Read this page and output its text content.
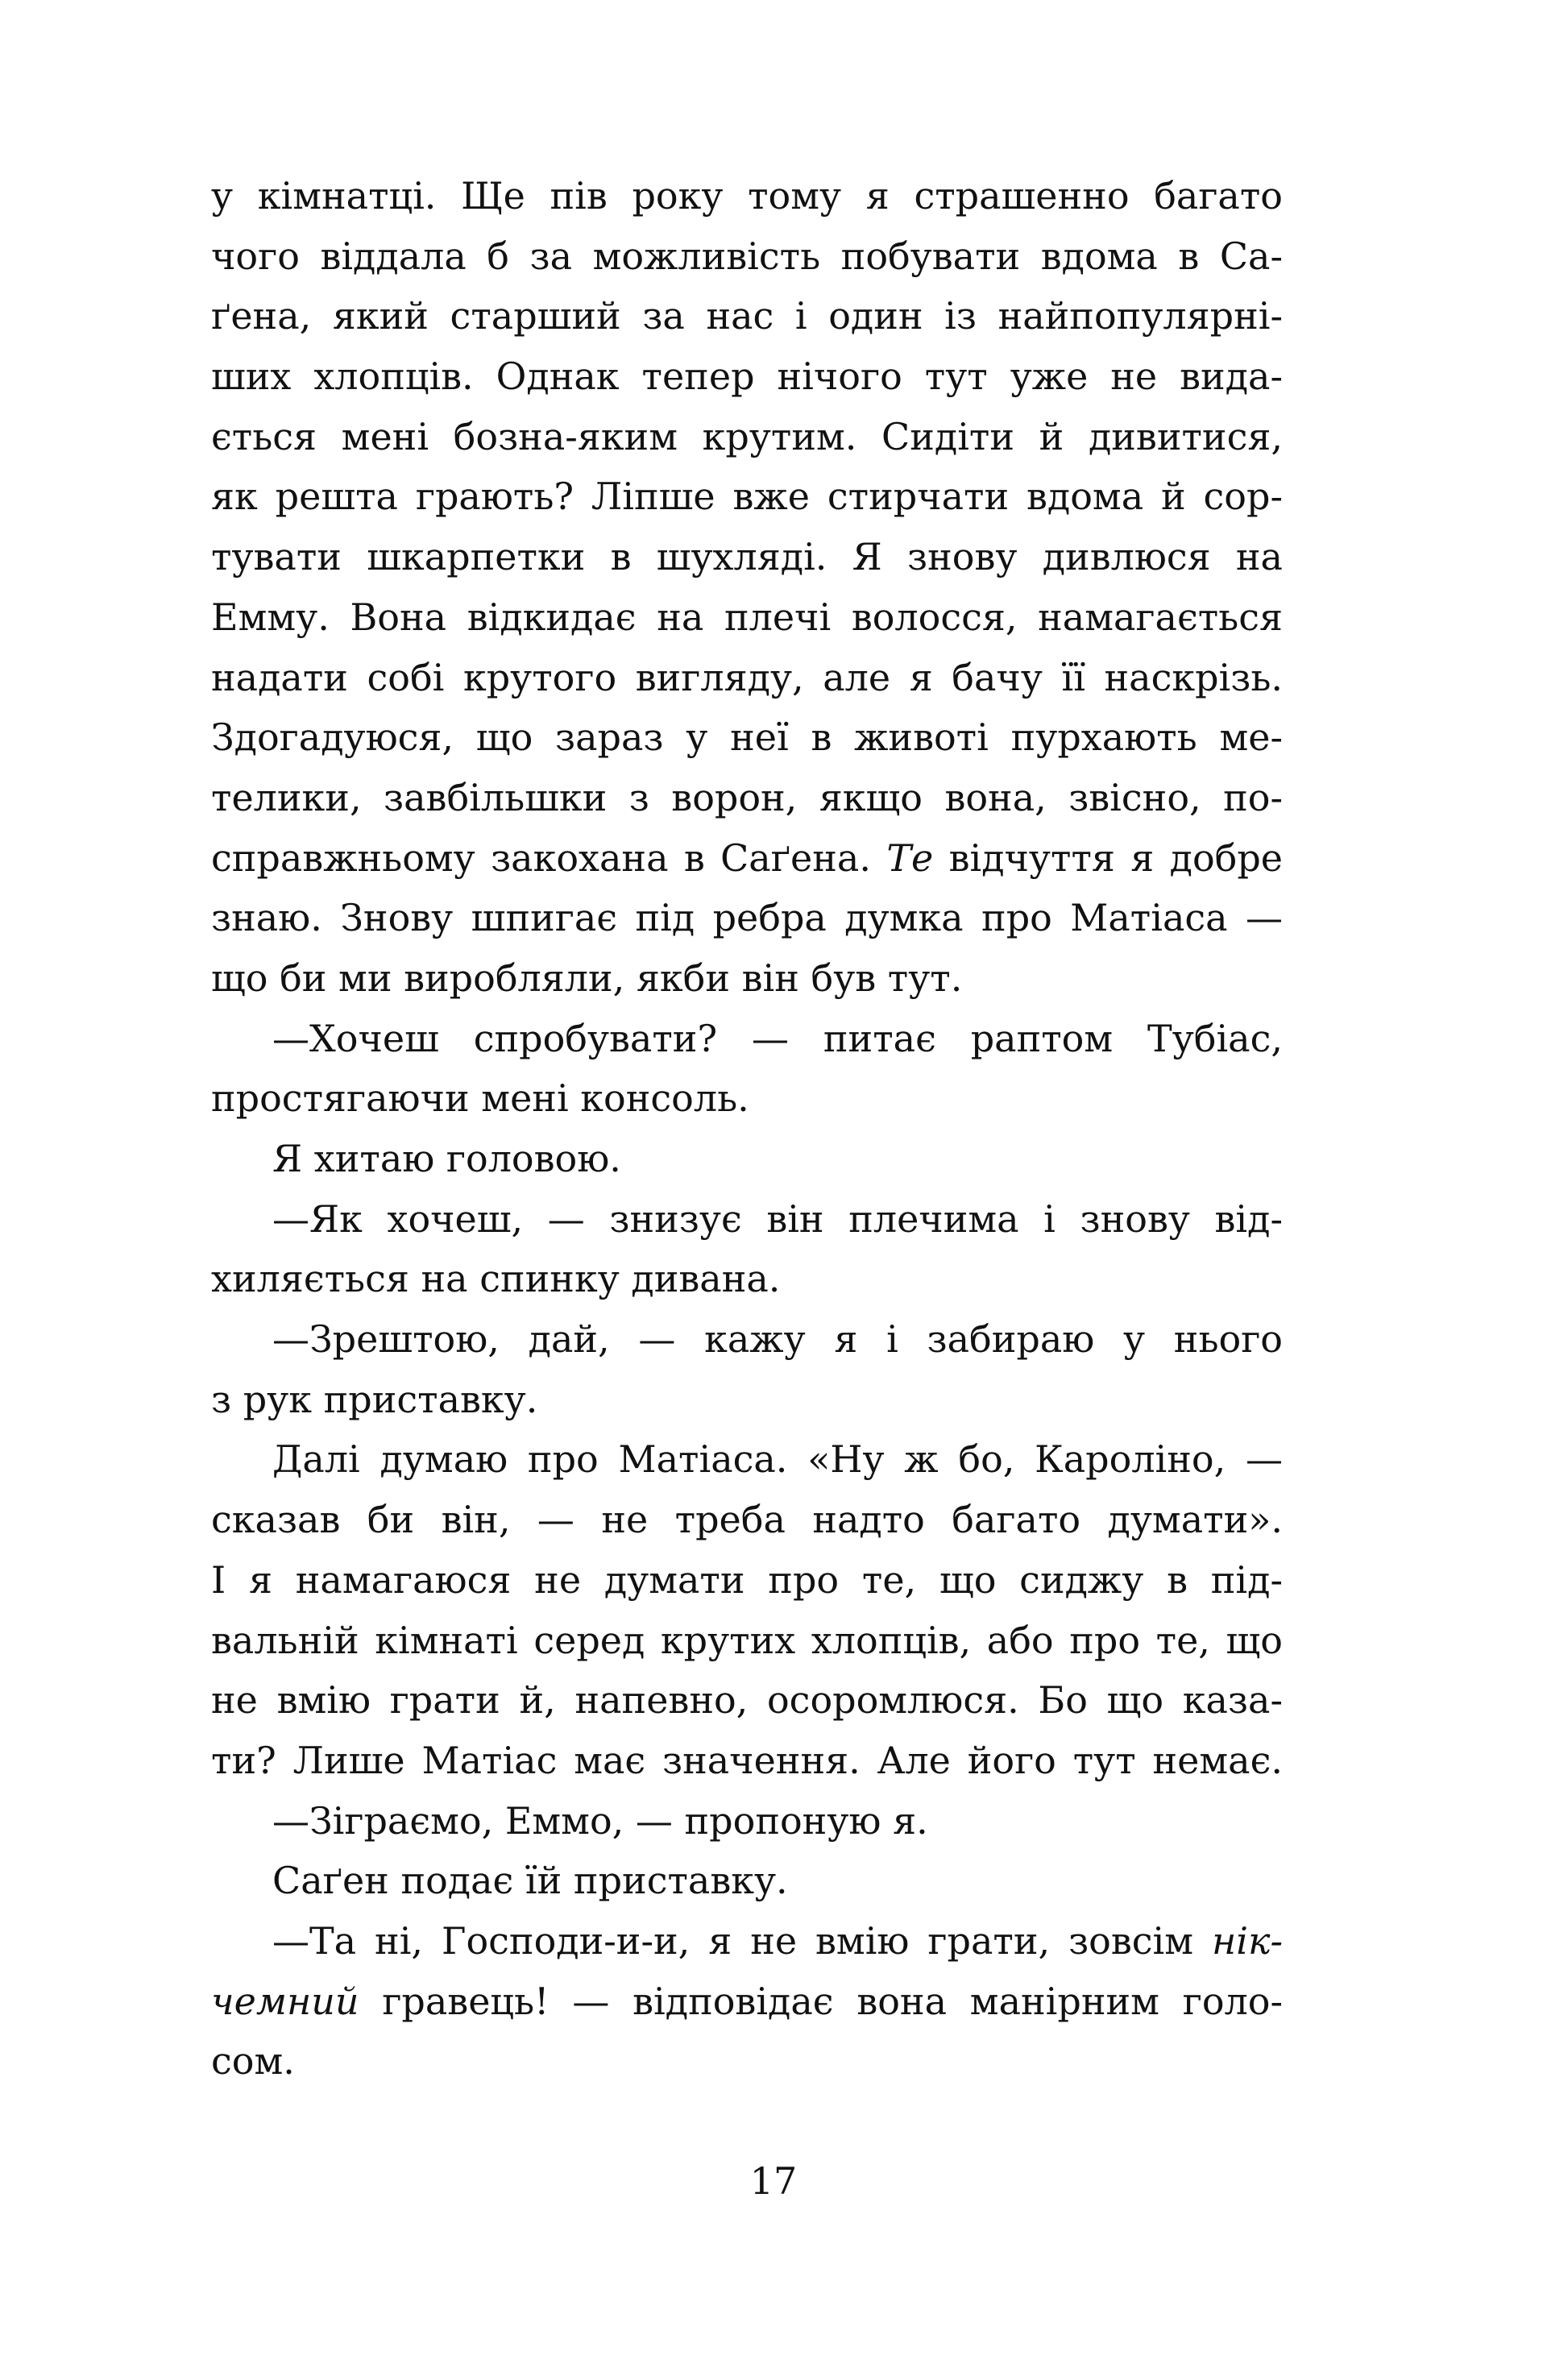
у кімнатці. Ще пів року тому я страшенно багато
чого віддала б за можливість побувати вдома в Са-
ґена, який старший за нас і один із найпопулярні-
ших хлопців. Однак тепер нічого тут уже не вида-
ється мені бозна-яким крутим. Сидіти й дивитися,
як решта грають? Ліпше вже стирчати вдома й сор-
тувати шкарпетки в шухляді. Я знову дивлюся на
Емму. Вона відкидає на плечі волосся, намагається
надати собі крутого вигляду, але я бачу її наскрізь.
Здогадуюся, що зараз у неї в животі пурхають ме-
телики, завбільшки з ворон, якщо вона, звісно, по-
справжньому закохана в Саґена. Те відчуття я добре
знаю. Знову шпигає під ребра думка про Матіаса —
що би ми виробляли, якби він був тут.
—Хочеш спробувати? — питає раптом Тубіас,
простягаючи мені консоль.
Я хитаю головою.
—Як хочеш, — знизує він плечима і знову від-
хиляється на спинку дивана.
—Зрештою, дай, — кажу я і забираю у нього
з рук приставку.
Далі думаю про Матіаса. «Ну ж бо, Кароліно, —
сказав би він, — не треба надто багато думати».
І я намагаюся не думати про те, що сиджу в під-
вальній кімнаті серед крутих хлопців, або про те, що
не вмію грати й, напевно, осоромлюся. Бо що каза-
ти? Лише Матіас має значення. Але його тут немає.
—Зіграємо, Еммо, — пропоную я.
Саґен подає їй приставку.
—Та ні, Господи-и-и, я не вмію грати, зовсім нік-
чемний гравець! — відповідає вона манірним голо-
сом.
17
